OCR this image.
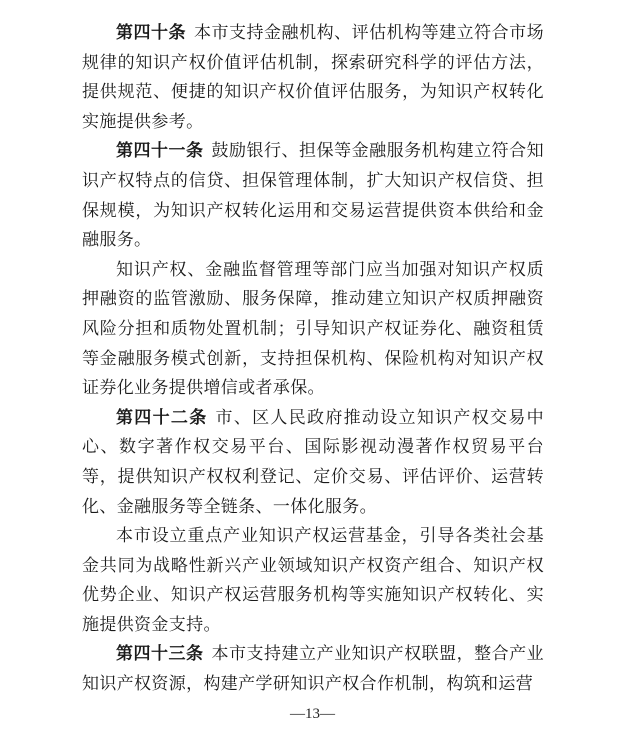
第四十条 本市支持金融机构、评估机构等建立符合市场规律的知识产权价值评估机制，探索研究科学的评估方法，提供规范、便捷的知识产权价值评估服务，为知识产权转化实施提供参考。

第四十一条 鼓励银行、担保等金融服务机构建立符合知识产权特点的信贷、担保管理体制，扩大知识产权信贷、担保规模，为知识产权转化运用和交易运营提供资本供给和金融服务。

知识产权、金融监督管理等部门应当加强对知识产权质押融资的监管激励、服务保障，推动建立知识产权质押融资风险分担和质物处置机制；引导知识产权证券化、融资租赁等金融服务模式创新，支持担保机构、保险机构对知识产权证券化业务提供增信或者承保。

第四十二条 市、区人民政府推动设立知识产权交易中心、数字著作权交易平台、国际影视动漫著作权贸易平台等，提供知识产权权利登记、定价交易、评估评价、运营转化、金融服务等全链条、一体化服务。

本市设立重点产业知识产权运营基金，引导各类社会基金共同为战略性新兴产业领域知识产权资产组合、知识产权优势企业、知识产权运营服务机构等实施知识产权转化、实施提供资金支持。

第四十三条 本市支持建立产业知识产权联盟，整合产业知识产权资源，构建产学研知识产权合作机制，构筑和运营

—13—
